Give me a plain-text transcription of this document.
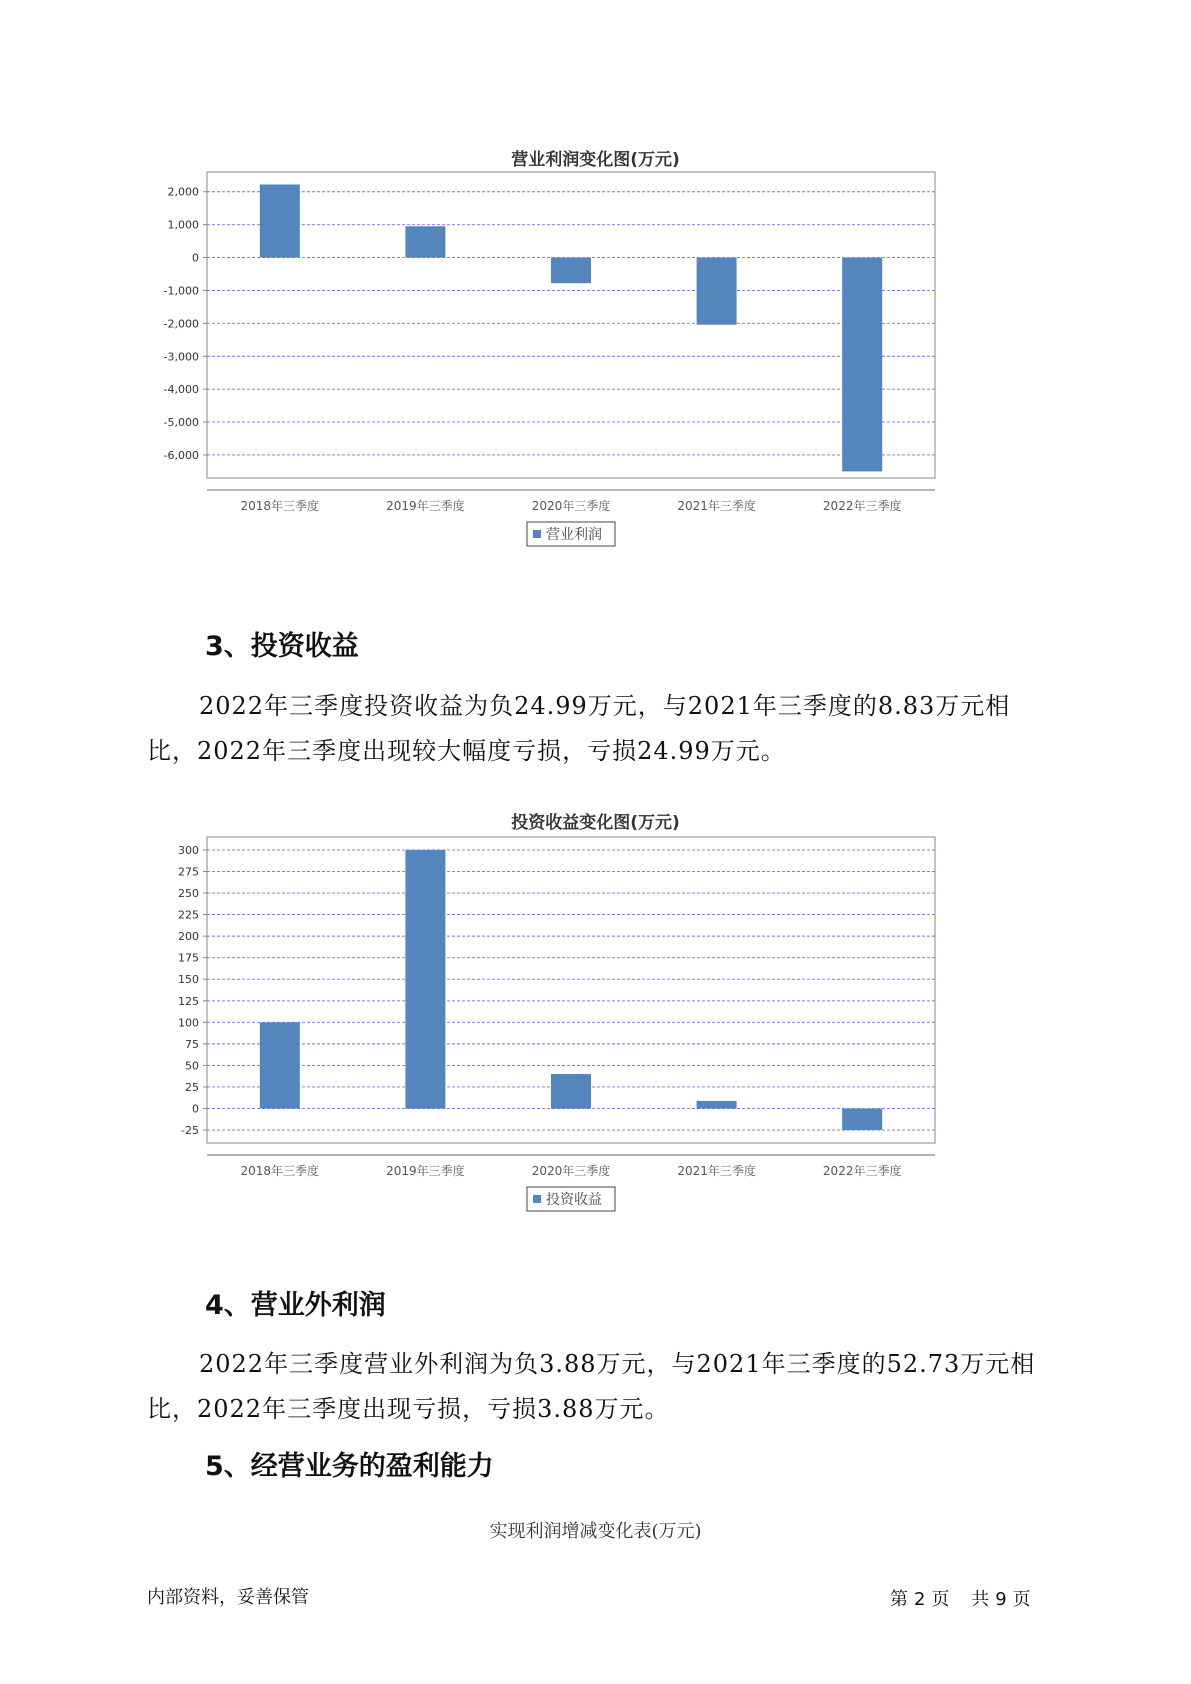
营业利润变化图(万元)
2,000
1,000
0
-1,000
-2,000
-3,000
-4,000
-5,000
-6,000
2018年三季度	2019年三季度	2020年三季度	2021年三季度	2022年三季度
营业利润
3、投资收益
2022年三季度投资收益为负24.99万元，与2021年三季度的8.83万元相比，2022年三季度出现较大幅度亏损，亏损24.99万元。
投资收益变化图(万元)
300
275
250
225
200
175
150
125
100
75
50
25
0
-25
2018年三季度	2019年三季度	2020年三季度	2021年三季度	2022年三季度
投资收益
4、营业外利润
2022年三季度营业外利润为负3.88万元，与2021年三季度的52.73万元相比，2022年三季度出现亏损，亏损3.88万元。
5、经营业务的盈利能力
实现利润增减变化表(万元)
内部资料，妥善保管	第 2 页 共 9 页
